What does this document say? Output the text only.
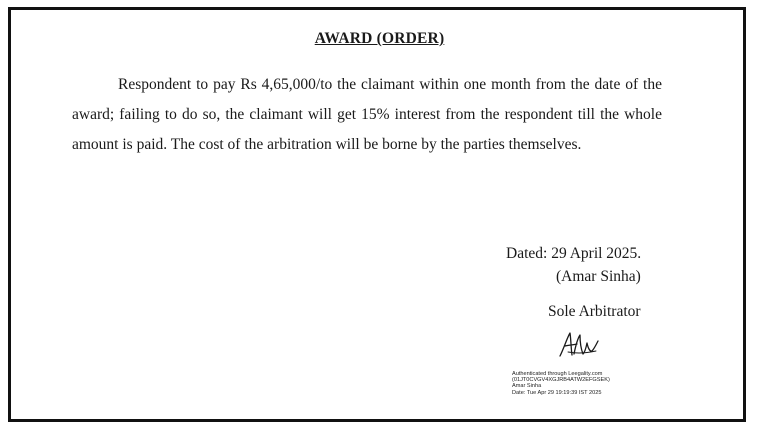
AWARD (ORDER)
Respondent to pay Rs 4,65,000/to the claimant within one month from the date of the award; failing to do so, the claimant will get 15% interest from the respondent till the whole amount is paid. The cost of the arbitration will be borne by the parties themselves.
Dated: 29 April 2025.
(Amar Sinha)
Sole Arbitrator
Authenticated through Leegality.com
(01JT0CVGV4XGJRB4ATW2EFGSEK)
Amar Sinha
Date: Tue Apr 29 19:19:39 IST 2025
